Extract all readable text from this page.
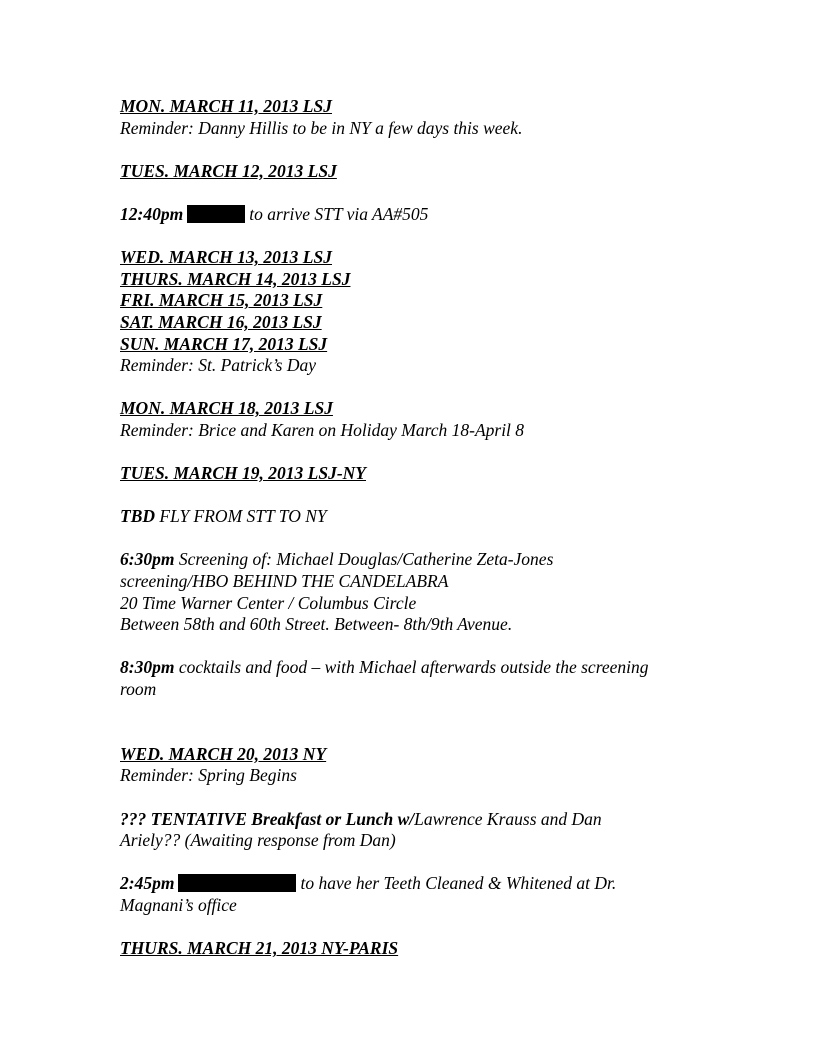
MON. MARCH 11, 2013 LSJ
Reminder: Danny Hillis to be in NY a few days this week.
TUES. MARCH 12, 2013 LSJ
12:40pm	to arrive STT via AA#505
WED. MARCH 13, 2013 LSJ
THURS. MARCH 14, 2013 LSJ
FRI. MARCH 15, 2013 LSJ
SAT. MARCH 16, 2013 LSJ
SUN. MARCH 17, 2013 LSJ
Reminder: St. Patrick’s Day
MON. MARCH 18, 2013 LSJ
Reminder: Brice and Karen on Holiday March 18-April 8
TUES. MARCH 19, 2013 LSJ-NY
TBD FLY FROM STT TO NY
6:30pm Screening of: Michael Douglas/Catherine Zeta-Jones
screening/HBO BEHIND THE CANDELABRA
20 Time Warner Center / Columbus Circle
Between 58th and 60th Street. Between- 8th/9th Avenue.
8:30pm cocktails and food – with Michael afterwards outside the screening
room
WED. MARCH 20, 2013 NY
Reminder: Spring Begins
??? TENTATIVE Breakfast or Lunch w/Lawrence Krauss and Dan
Ariely?? (Awaiting response from Dan)
2:45pm	to have her Teeth Cleaned & Whitened at Dr.
Magnani’s office
THURS. MARCH 21, 2013 NY-PARIS
